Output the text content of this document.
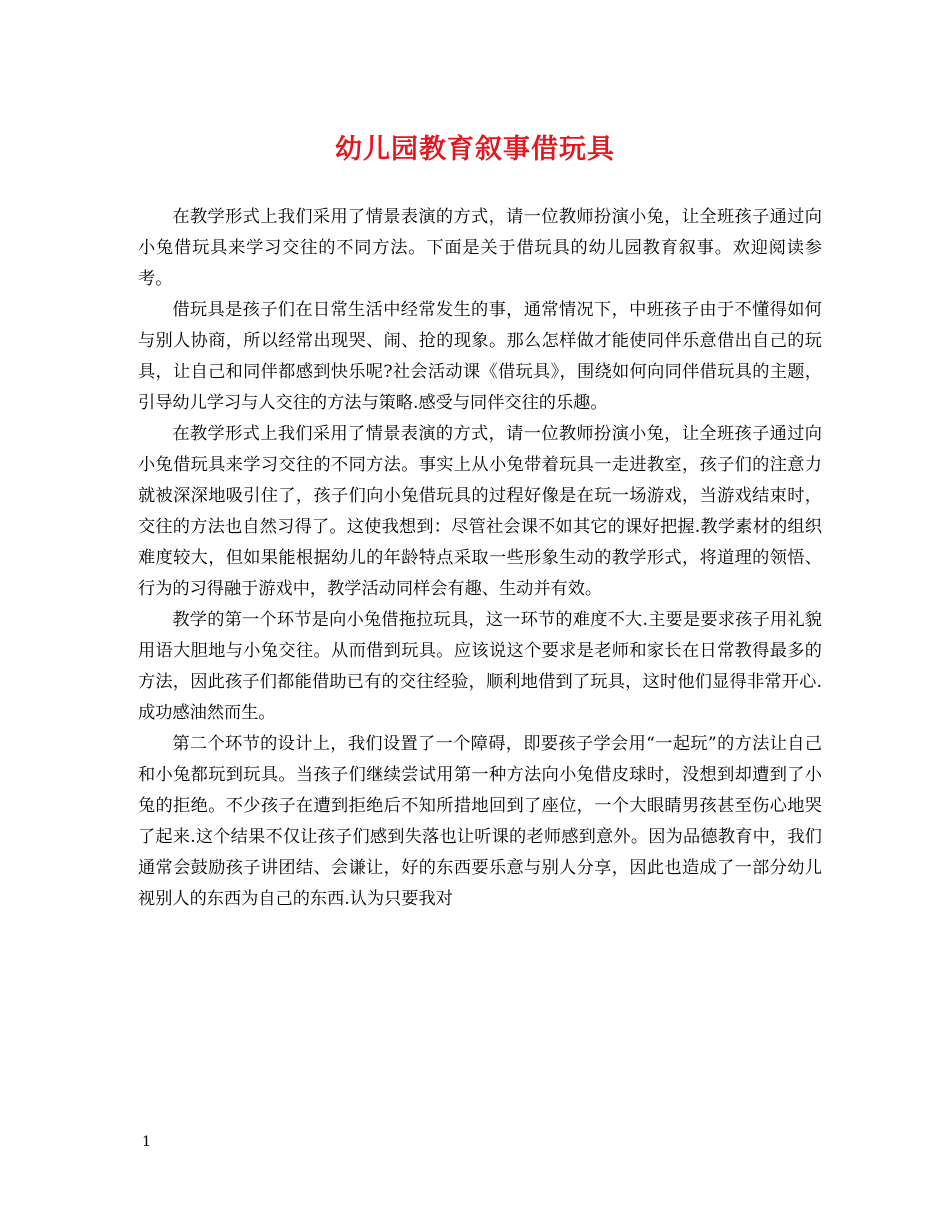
幼儿园教育叙事借玩具

在教学形式上我们采用了情景表演的方式，请一位教师扮演小兔，让全班孩子通过向小兔借玩具来学习交往的不同方法。下面是关于借玩具的幼儿园教育叙事。欢迎阅读参考。

借玩具是孩子们在日常生活中经常发生的事，通常情况下，中班孩子由于不懂得如何与别人协商，所以经常出现哭、闹、抢的现象。那么怎样做才能使同伴乐意借出自己的玩具，让自己和同伴都感到快乐呢?社会活动课《借玩具》，围绕如何向同伴借玩具的主题，引导幼儿学习与人交往的方法与策略.感受与同伴交往的乐趣。

在教学形式上我们采用了情景表演的方式，请一位教师扮演小兔，让全班孩子通过向小兔借玩具来学习交往的不同方法。事实上从小兔带着玩具一走进教室，孩子们的注意力就被深深地吸引住了，孩子们向小兔借玩具的过程好像是在玩一场游戏，当游戏结束时，交往的方法也自然习得了。这使我想到：尽管社会课不如其它的课好把握.教学素材的组织难度较大，但如果能根据幼儿的年龄特点采取一些形象生动的教学形式，将道理的领悟、行为的习得融于游戏中，教学活动同样会有趣、生动并有效。

教学的第一个环节是向小兔借拖拉玩具，这一环节的难度不大.主要是要求孩子用礼貌用语大胆地与小兔交往。从而借到玩具。应该说这个要求是老师和家长在日常教得最多的方法，因此孩子们都能借助已有的交往经验，顺利地借到了玩具，这时他们显得非常开心.成功感油然而生。

第二个环节的设计上，我们设置了一个障碍，即要孩子学会用“一起玩”的方法让自己和小兔都玩到玩具。当孩子们继续尝试用第一种方法向小兔借皮球时，没想到却遭到了小兔的拒绝。不少孩子在遭到拒绝后不知所措地回到了座位，一个大眼睛男孩甚至伤心地哭了起来.这个结果不仅让孩子们感到失落也让听课的老师感到意外。因为品德教育中，我们通常会鼓励孩子讲团结、会谦让，好的东西要乐意与别人分享，因此也造成了一部分幼儿视别人的东西为自己的东西.认为只要我对

1
